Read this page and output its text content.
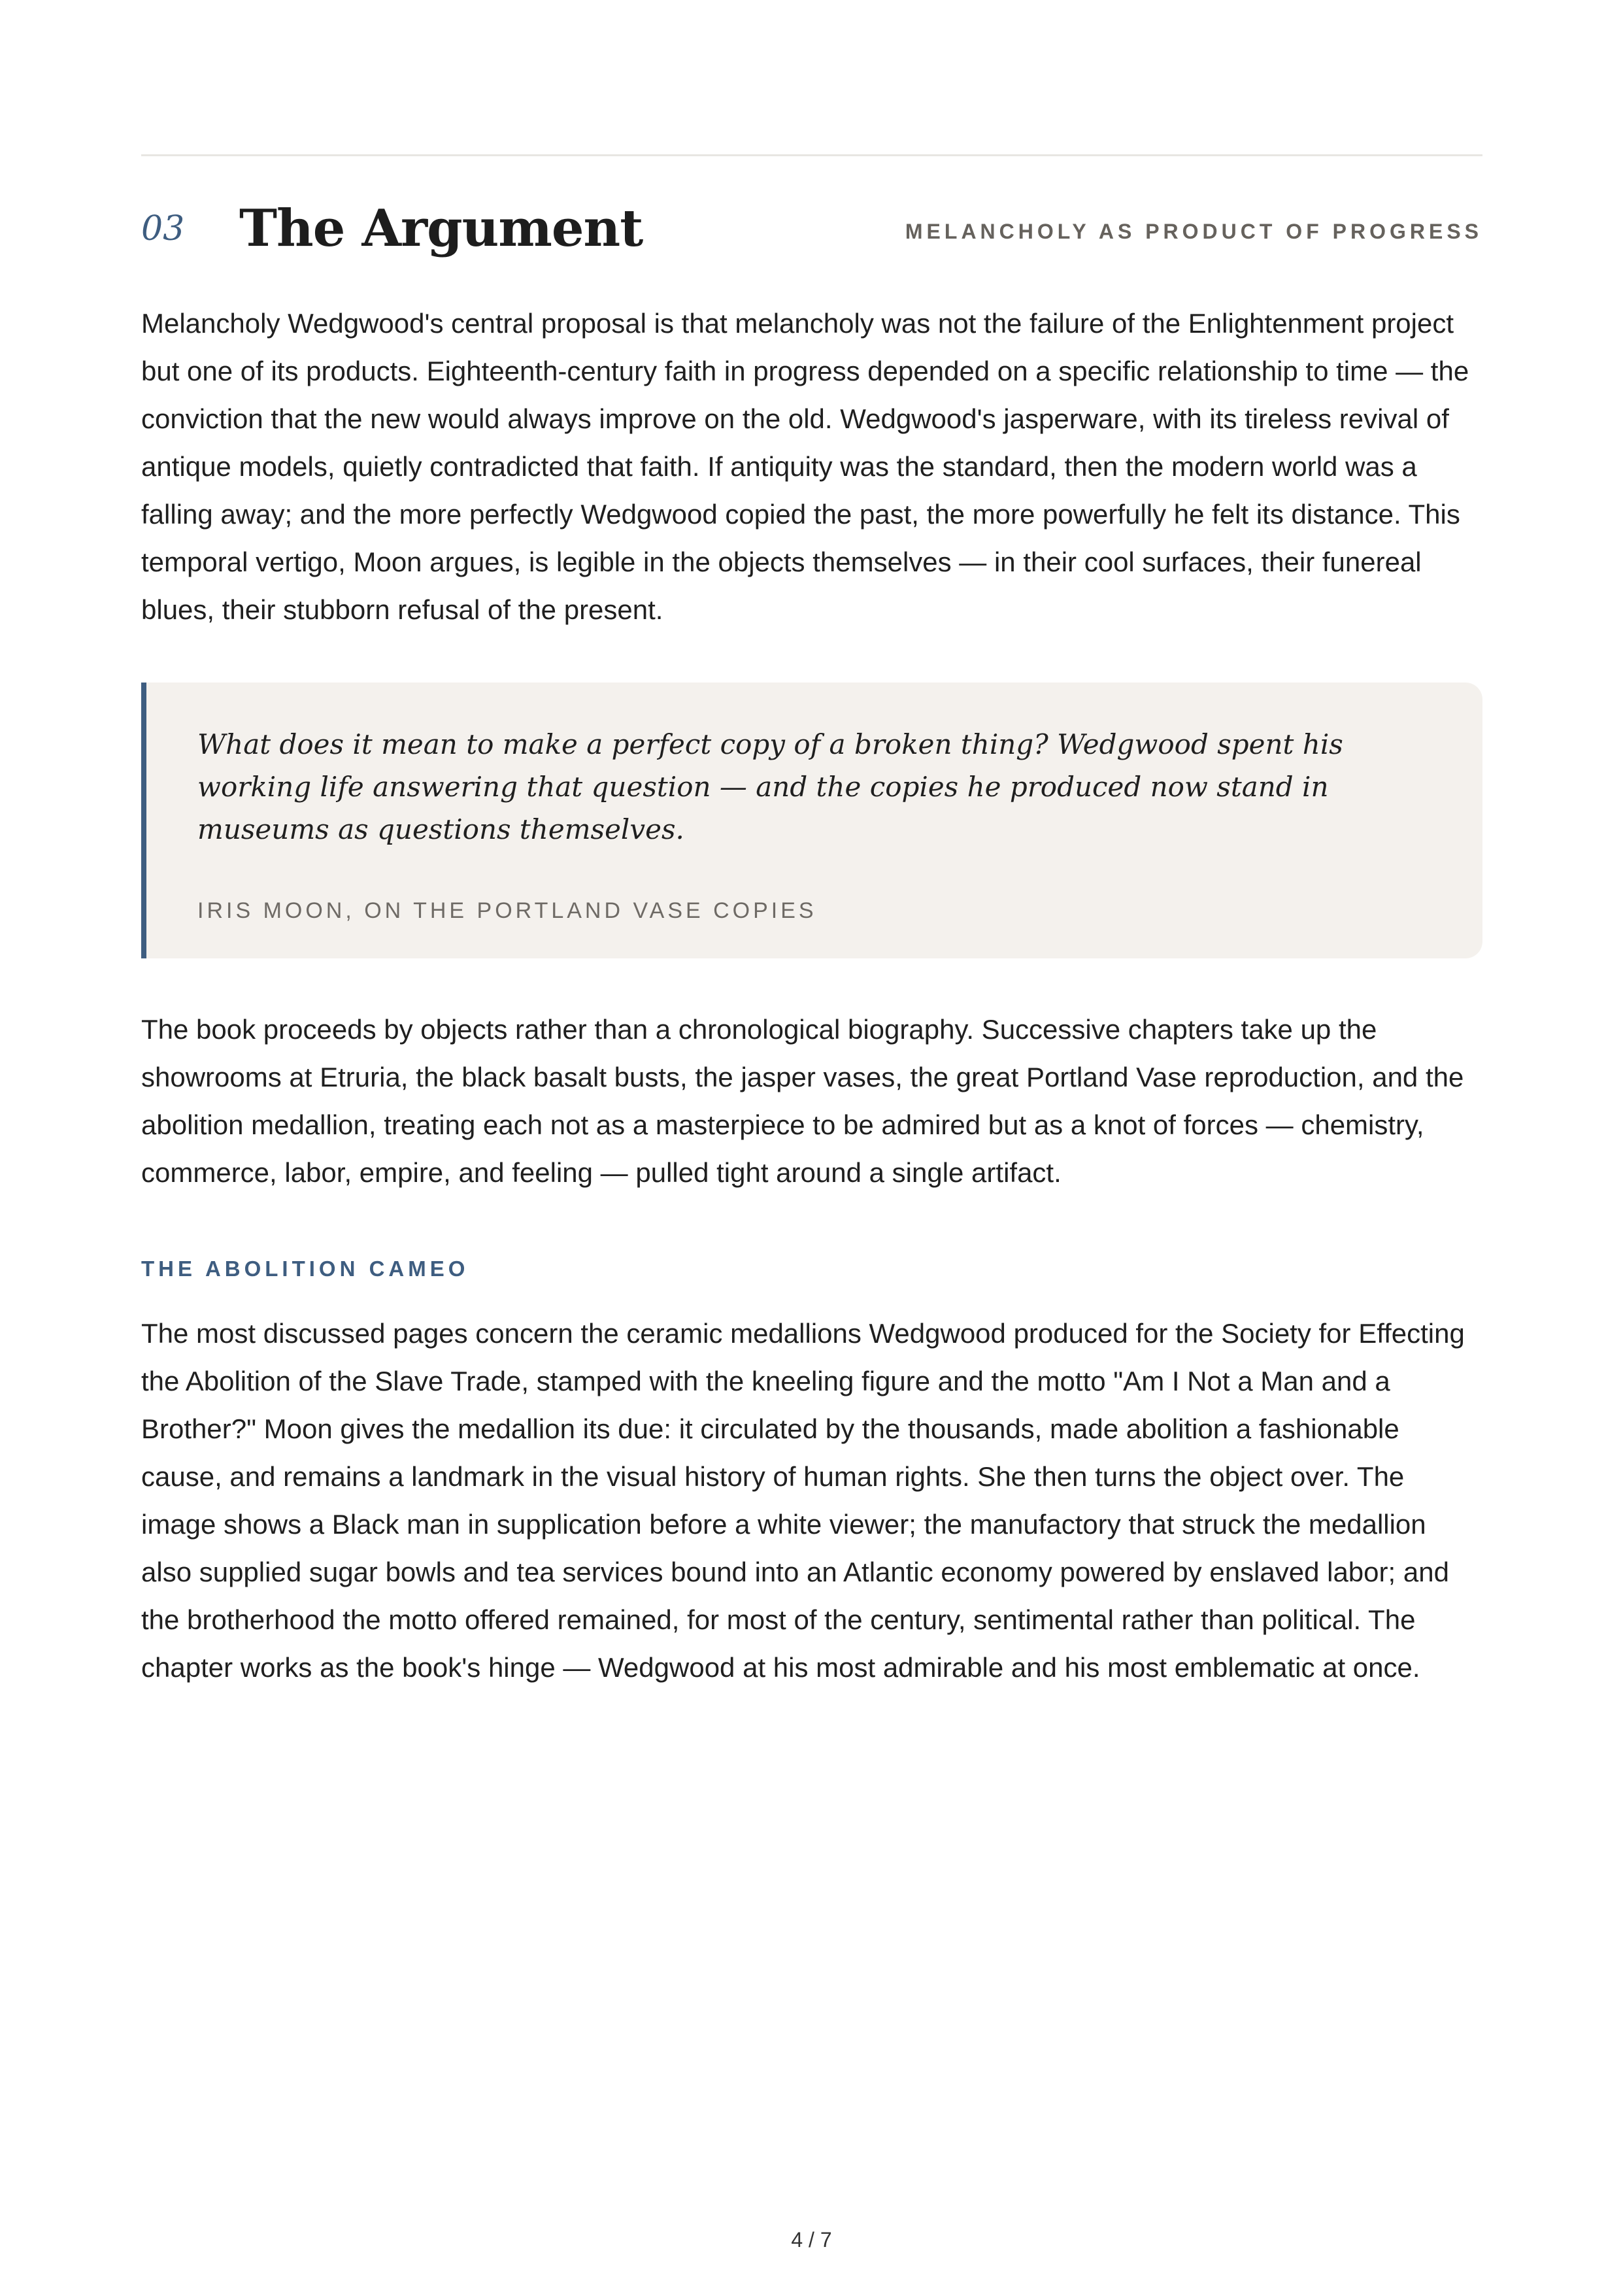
03 The Argument	MELANCHOLY AS PRODUCT OF PROGRESS

Melancholy Wedgwood's central proposal is that melancholy was not the failure of the Enlightenment project but one of its products. Eighteenth-century faith in progress depended on a specific relationship to time — the conviction that the new would always improve on the old. Wedgwood's jasperware, with its tireless revival of antique models, quietly contradicted that faith. If antiquity was the standard, then the modern world was a falling away; and the more perfectly Wedgwood copied the past, the more powerfully he felt its distance. This temporal vertigo, Moon argues, is legible in the objects themselves — in their cool surfaces, their funereal blues, their stubborn refusal of the present.

What does it mean to make a perfect copy of a broken thing? Wedgwood spent his working life answering that question — and the copies he produced now stand in museums as questions themselves.

IRIS MOON, ON THE PORTLAND VASE COPIES

The book proceeds by objects rather than a chronological biography. Successive chapters take up the showrooms at Etruria, the black basalt busts, the jasper vases, the great Portland Vase reproduction, and the abolition medallion, treating each not as a masterpiece to be admired but as a knot of forces — chemistry, commerce, labor, empire, and feeling — pulled tight around a single artifact.

THE ABOLITION CAMEO

The most discussed pages concern the ceramic medallions Wedgwood produced for the Society for Effecting the Abolition of the Slave Trade, stamped with the kneeling figure and the motto "Am I Not a Man and a Brother?" Moon gives the medallion its due: it circulated by the thousands, made abolition a fashionable cause, and remains a landmark in the visual history of human rights. She then turns the object over. The image shows a Black man in supplication before a white viewer; the manufactory that struck the medallion also supplied sugar bowls and tea services bound into an Atlantic economy powered by enslaved labor; and the brotherhood the motto offered remained, for most of the century, sentimental rather than political. The chapter works as the book's hinge — Wedgwood at his most admirable and his most emblematic at once.

4 / 7
